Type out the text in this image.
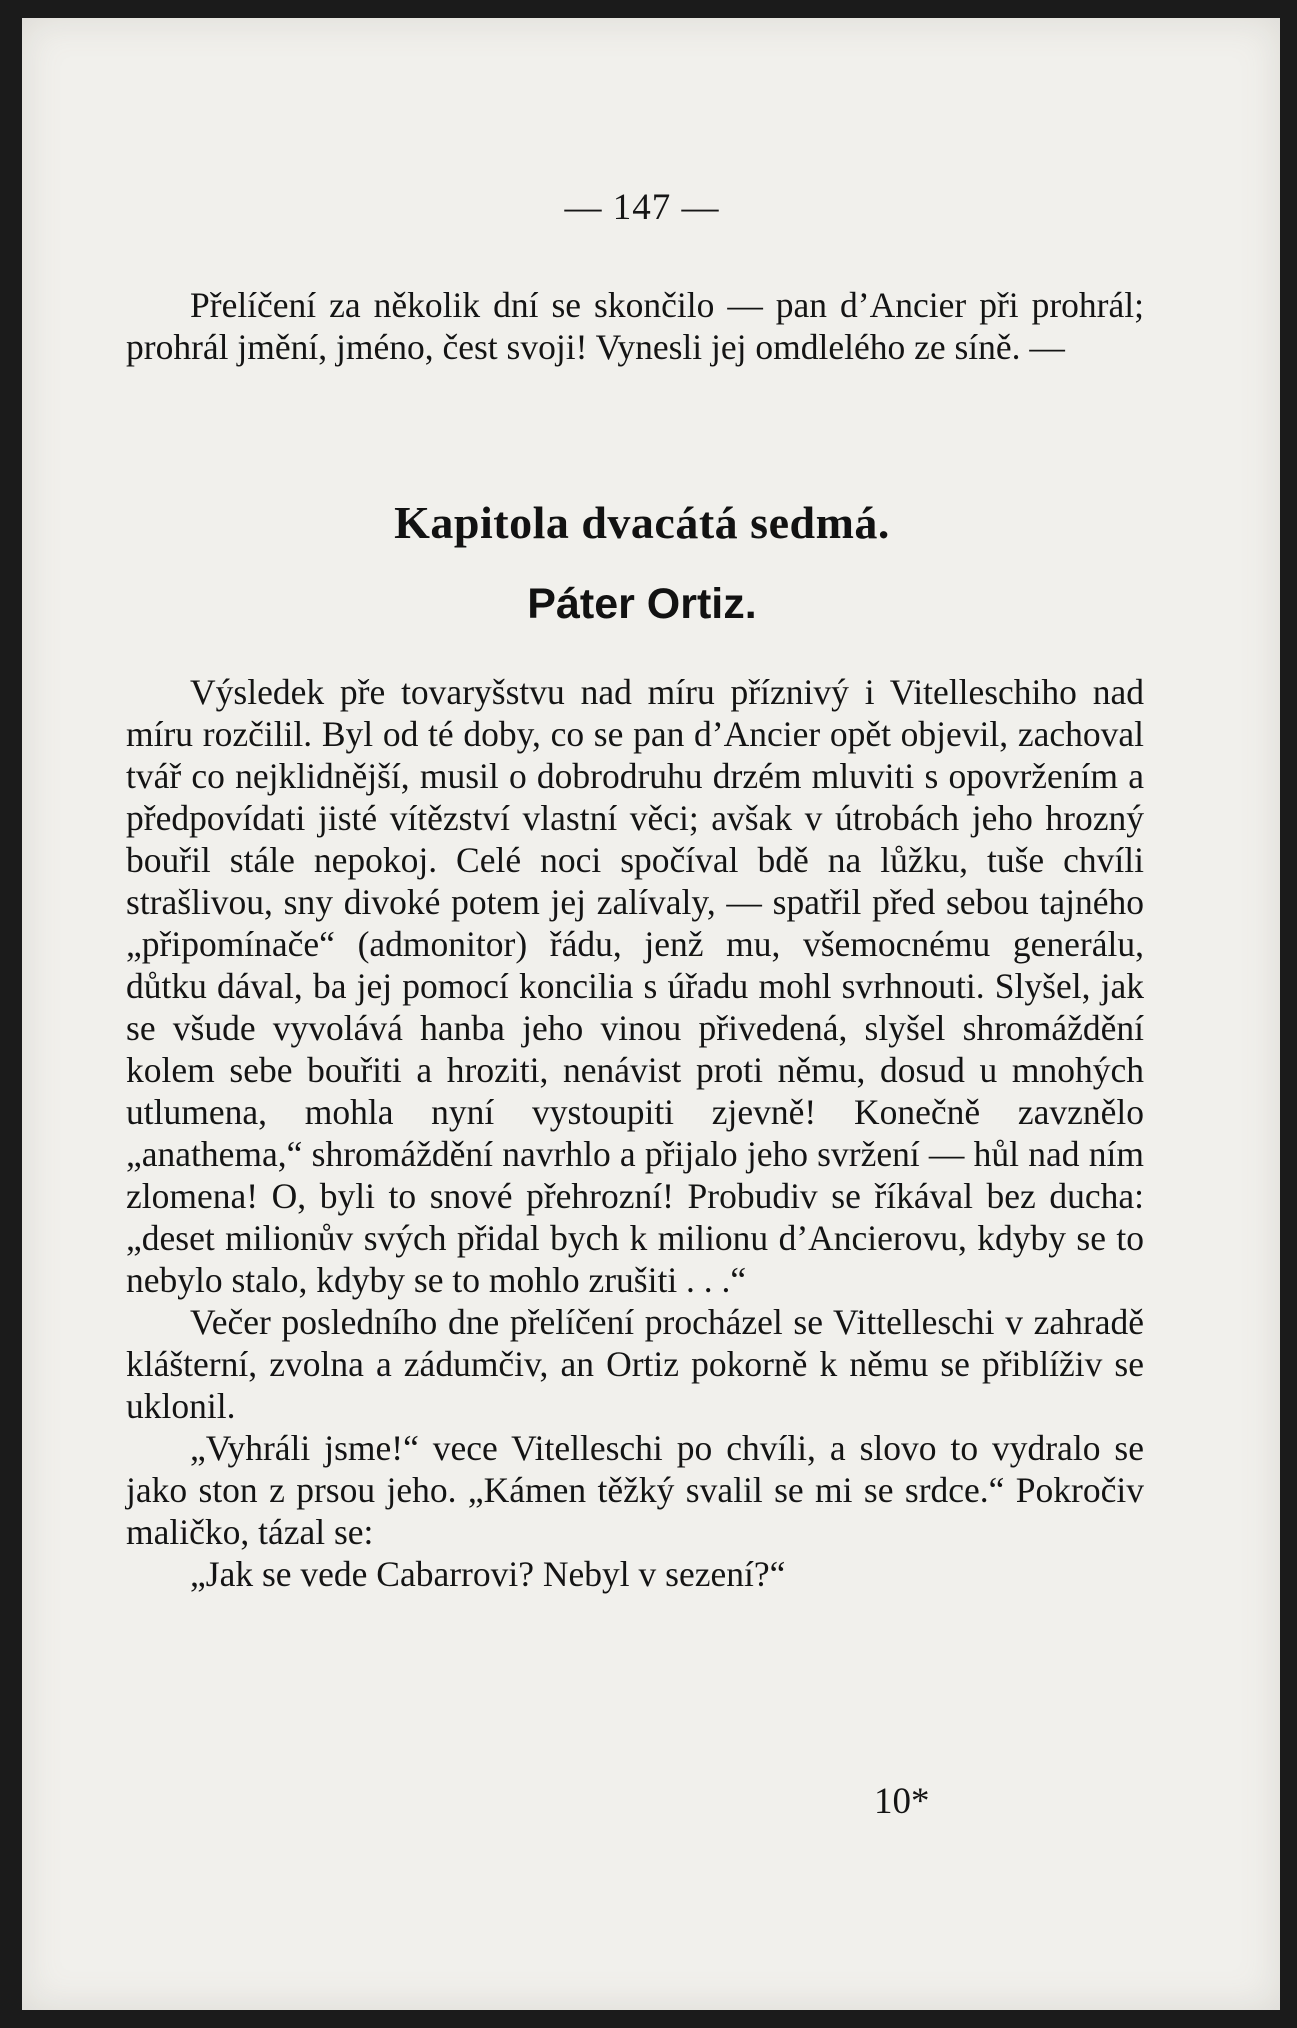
— 147 —

Přelíčení za několik dní se skončilo — pan d’Ancier při prohrál; prohrál jmění, jméno, čest svoji! Vynesli jej omdlelého ze síně. —

Kapitola dvacátá sedmá.
Páter Ortiz.

Výsledek pře tovaryšstvu nad míru příznivý i Vitelleschiho nad míru rozčilil. Byl od té doby, co se pan d’Ancier opět objevil, zachoval tvář co nejklidnější, musil o dobrodruhu drzém mluviti s opovržením a předpovídati jisté vítězství vlastní věci; avšak v útrobách jeho hrozný bouřil stále nepokoj. Celé noci spočíval bdě na lůžku, tuše chvíli strašlivou, sny divoké potem jej zalívaly, — spatřil před sebou tajného „připomínače“ (admonitor) řádu, jenž mu, všemocnému generálu, důtku dával, ba jej pomocí koncilia s úřadu mohl svrhnouti. Slyšel, jak se všude vyvolává hanba jeho vinou přivedená, slyšel shromáždění kolem sebe bouřiti a hroziti, nenávist proti němu, dosud u mnohých utlumena, mohla nyní vystoupiti zjevně! Konečně zavznělo „anathema,“ shromáždění navrhlo a přijalo jeho svržení — hůl nad ním zlomena! O, byli to snové přehrozní! Probudiv se říkával bez ducha: „deset milionův svých přidal bych k milionu d’Ancierovu, kdyby se to nebylo stalo, kdyby se to mohlo zrušiti . . .“

Večer posledního dne přelíčení procházel se Vittelleschi v zahradě klášterní, zvolna a zádumčiv, an Ortiz pokorně k němu se přiblíživ se uklonil.

„Vyhráli jsme!“ vece Vitelleschi po chvíli, a slovo to vydralo se jako ston z prsou jeho. „Kámen těžký svalil se mi se srdce.“ Pokročiv maličko, tázal se:

„Jak se vede Cabarrovi? Nebyl v sezení?“

10*
